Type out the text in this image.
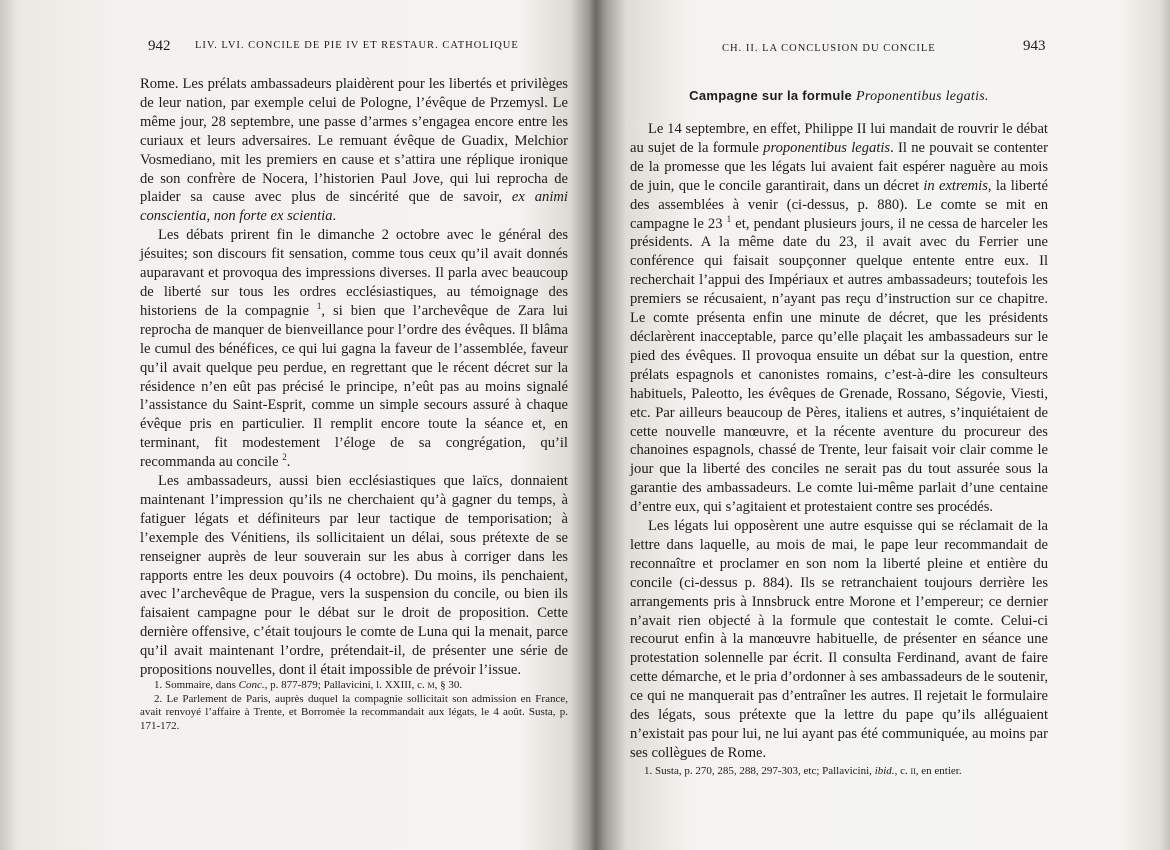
942 LIV. LVI. CONCILE DE PIE IV ET RESTAUR. CATHOLIQUE

Rome. Les prélats ambassadeurs plaidèrent pour les libertés et privilèges de leur nation, par exemple celui de Pologne, l’évêque de Przemysl. Le même jour, 28 septembre, une passe d’armes s’engagea encore entre les curiaux et leurs adversaires. Le remuant évêque de Guadix, Melchior Vosmediano, mit les premiers en cause et s’attira une réplique ironique de son confrère de Nocera, l’historien Paul Jove, qui lui reprocha de plaider sa cause avec plus de sincérité que de savoir, ex animi conscientia, non forte ex scientia.

Les débats prirent fin le dimanche 2 octobre avec le général des jésuites; son discours fit sensation, comme tous ceux qu’il avait donnés auparavant et provoqua des impressions diverses. Il parla avec beaucoup de liberté sur tous les ordres ecclésiastiques, au témoignage des historiens de la compagnie $^1$, si bien que l’archevêque de Zara lui reprocha de manquer de bienveillance pour l’ordre des évêques. Il blâma le cumul des bénéfices, ce qui lui gagna la faveur de l’assemblée, faveur qu’il avait quelque peu perdue, en regrettant que le récent décret sur la résidence n’en eût pas précisé le principe, n’eût pas au moins signalé l’assistance du Saint-Esprit, comme un simple secours assuré à chaque évêque pris en particulier. Il remplit encore toute la séance et, en terminant, fit modestement l’éloge de sa congrégation, qu’il recommanda au concile $^2$.

Les ambassadeurs, aussi bien ecclésiastiques que laïcs, donnaient maintenant l’impression qu’ils ne cherchaient qu’à gagner du temps, à fatiguer légats et définiteurs par leur tactique de temporisation; à l’exemple des Vénitiens, ils sollicitaient un délai, sous prétexte de se renseigner auprès de leur souverain sur les abus à corriger dans les rapports entre les deux pouvoirs (4 octobre). Du moins, ils penchaient, avec l’archevêque de Prague, vers la suspension du concile, ou bien ils faisaient campagne pour le débat sur le droit de proposition. Cette dernière offensive, c’était toujours le comte de Luna qui la menait, parce qu’il avait maintenant l’ordre, prétendait-il, de présenter une série de propositions nouvelles, dont il était impossible de prévoir l’issue.

1. Sommaire, dans Conc., p. 877-879; Pallavicini, l. XXIII, c. m, § 30.

2. Le Parlement de Paris, auprès duquel la compagnie sollicitait son admission en France, avait renvoyé l’affaire à Trente, et Borromée la recommandait aux légats, le 4 août. Susta, p. 171-172.

CH. II. LA CONCLUSION DU CONCILE	943
Campagne sur la formule Proponentibus legatis.

Le 14 septembre, en effet, Philippe II lui mandait de rouvrir le débat au sujet de la formule proponentibus legatis. Il ne pouvait se contenter de la promesse que les légats lui avaient fait espérer naguère au mois de juin, que le concile garantirait, dans un décret in extremis, la liberté des assemblées à venir (ci-dessus, p. 880). Le comte se mit en campagne le 23 $^1$ et, pendant plusieurs jours, il ne cessa de harceler les présidents. A la même date du 23, il avait avec du Ferrier une conférence qui faisait soupçonner quelque entente entre eux. Il recherchait l’appui des Impériaux et autres ambassadeurs; toutefois les premiers se récusaient, n’ayant pas reçu d’instruction sur ce chapitre. Le comte présenta enfin une minute de décret, que les présidents déclarèrent inacceptable, parce qu’elle plaçait les ambassadeurs sur le pied des évêques. Il provoqua ensuite un débat sur la question, entre prélats espagnols et canonistes romains, c’est-à-dire les consulteurs habituels, Paleotto, les évêques de Grenade, Rossano, Ségovie, Viesti, etc. Par ailleurs beaucoup de Pères, italiens et autres, s’inquiétaient de cette nouvelle manœuvre, et la récente aventure du procureur des chanoines espagnols, chassé de Trente, leur faisait voir clair comme le jour que la liberté des conciles ne serait pas du tout assurée sous la garantie des ambassadeurs. Le comte lui-même parlait d’une centaine d’entre eux, qui s’agitaient et protestaient contre ses procédés.

Les légats lui opposèrent une autre esquisse qui se réclamait de la lettre dans laquelle, au mois de mai, le pape leur recommandait de reconnaître et proclamer en son nom la liberté pleine et entière du concile (ci-dessus p. 884). Ils se retranchaient toujours derrière les arrangements pris à Innsbruck entre Morone et l’empereur; ce dernier n’avait rien objecté à la formule que contestait le comte. Celui-ci recourut enfin à la manœuvre habituelle, de présenter en séance une protestation solennelle par écrit. Il consulta Ferdinand, avant de faire cette démarche, et le pria d’ordonner à ses ambassadeurs de le soutenir, ce qui ne manquerait pas d’entraîner les autres. Il rejetait le formulaire des légats, sous prétexte que la lettre du pape qu’ils alléguaient n’existait pas pour lui, ne lui ayant pas été communiquée, au moins par ses collègues de Rome.

1. Susta, p. 270, 285, 288, 297-303, etc; Pallavicini, ibid., c. ii, en entier.
